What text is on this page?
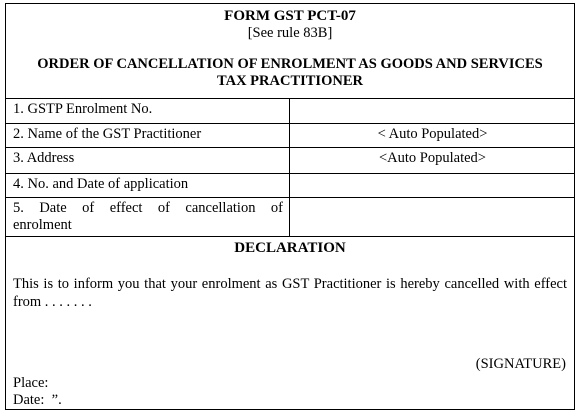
FORM GST PCT-07
[See rule 83B]
ORDER OF CANCELLATION OF ENROLMENT AS GOODS AND SERVICES TAX PRACTITIONER
1. GSTP Enrolment No.	
2. Name of the GST Practitioner	< Auto Populated>
3. Address	<Auto Populated>
4. No. and Date of application	

5. Date of effect of cancellation of
enrolment	

DECLARATION
This is to inform you that your enrolment as GST Practitioner is hereby cancelled with effect from . . . . . . .
(SIGNATURE)
Place:
Date:  ”.
